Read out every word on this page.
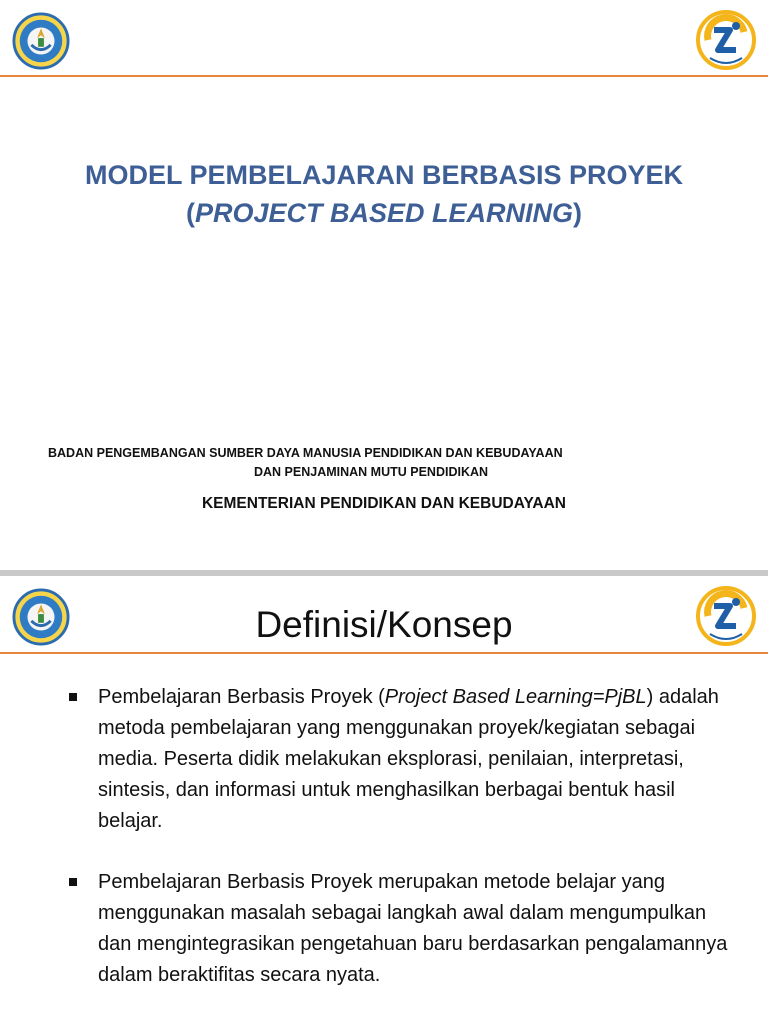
MODEL PEMBELAJARAN BERBASIS PROYEK
(PROJECT BASED LEARNING)
BADAN PENGEMBANGAN SUMBER DAYA MANUSIA PENDIDIKAN DAN KEBUDAYAAN
DAN PENJAMINAN MUTU PENDIDIKAN
KEMENTERIAN PENDIDIKAN DAN KEBUDAYAAN
Definisi/Konsep
Pembelajaran Berbasis Proyek (Project Based Learning=PjBL) adalah metoda pembelajaran yang menggunakan proyek/kegiatan sebagai media. Peserta didik melakukan eksplorasi, penilaian, interpretasi, sintesis, dan informasi untuk menghasilkan berbagai bentuk hasil belajar.
Pembelajaran Berbasis Proyek merupakan metode belajar yang menggunakan masalah sebagai langkah awal dalam mengumpulkan dan mengintegrasikan pengetahuan baru berdasarkan pengalamannya dalam beraktifitas secara nyata.
